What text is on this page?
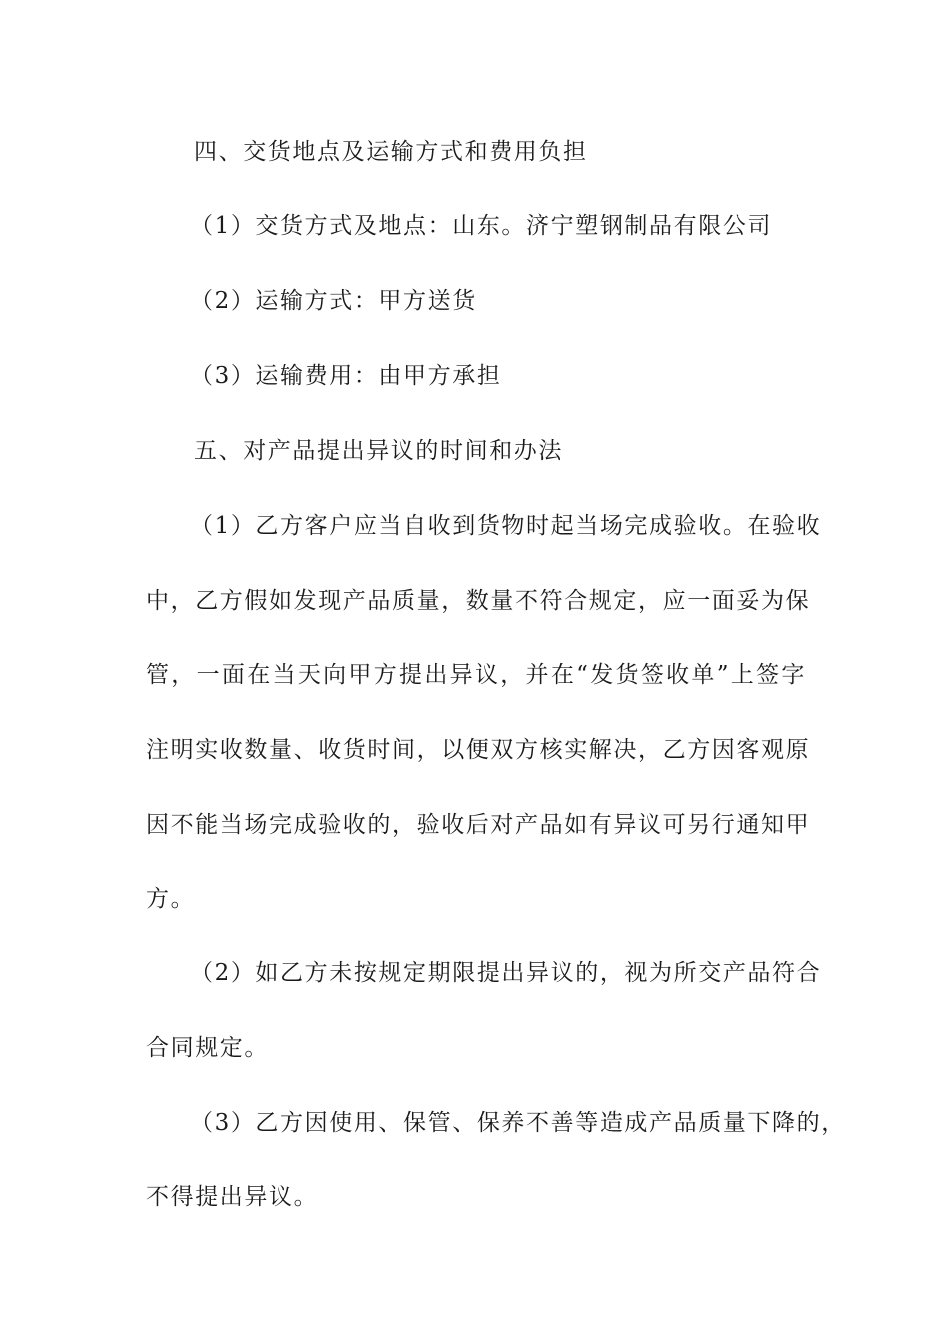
四、交货地点及运输方式和费用负担
（1）交货方式及地点：山东。济宁塑钢制品有限公司
（2）运输方式：甲方送货
（3）运输费用：由甲方承担
五、对产品提出异议的时间和办法
（1）乙方客户应当自收到货物时起当场完成验收。在验收
中，乙方假如发现产品质量，数量不符合规定，应一面妥为保
管，一面在当天向甲方提出异议，并在“发货签收单”上签字
注明实收数量、收货时间，以便双方核实解决，乙方因客观原
因不能当场完成验收的，验收后对产品如有异议可另行通知甲
方。
（2）如乙方未按规定期限提出异议的，视为所交产品符合
合同规定。
（3）乙方因使用、保管、保养不善等造成产品质量下降的，
不得提出异议。
